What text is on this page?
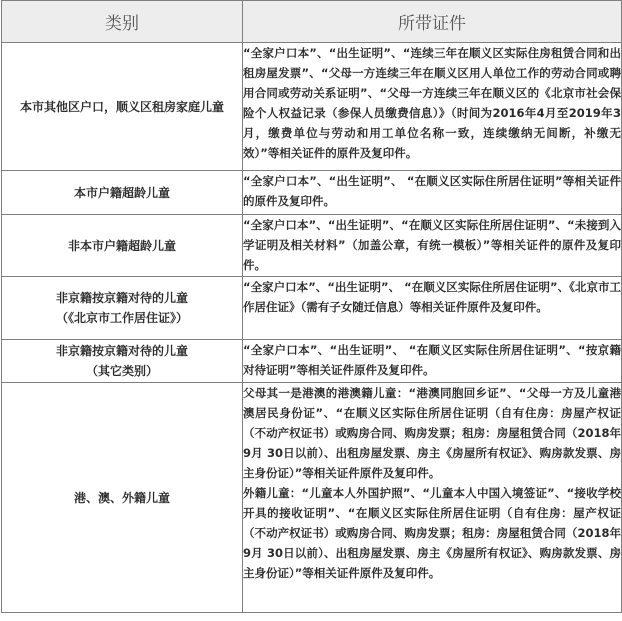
类别	所带证件

本市其他区户口，顺义区租房家庭儿童	“全家户口本”、“出生证明”、“连续三年在顺义区实际住房租赁合同和出租房屋发票”、“父母一方连续三年在顺义区用人单位工作的劳动合同或聘用合同或劳动关系证明”、“父母一方连续三年在顺义区的《北京市社会保险个人权益记录（参保人员缴费信息）》（时间为2016年4月至2019年3月，缴费单位与劳动和用工单位名称一致，连续缴纳无间断，补缴无效）”等相关证件的原件及复印件。

本市户籍超龄儿童	“全家户口本”、“出生证明”、 “在顺义区实际住所居住证明”等相关证件的原件及复印件。

非本市户籍超龄儿童	“全家户口本”、“出生证明”、“在顺义区实际住所居住证明”、“未接到入学证明及相关材料”（加盖公章，有统一模板）”等相关证件的原件及复印件。

非京籍按京籍对待的儿童
（《北京市工作居住证》）	“全家户口本”、“出生证明”、 “在顺义区实际住所居住证明”、《北京市工作居住证》（需有子女随迁信息）等相关证件原件及复印件。

非京籍按京籍对待的儿童
（其它类别）	“全家户口本”、“出生证明”、 “在顺义区实际住所居住证明”、“按京籍对待证明”等相关证件原件及复印件。

港、澳、外籍儿童	父母其一是港澳的港澳籍儿童：“港澳同胞回乡证”、“父母一方及儿童港澳居民身份证”、“在顺义区实际住所居住证明（自有住房：房屋产权证（不动产权证书）或购房合同、购房发票；租房：房屋租赁合同（2018年 9月 30日以前）、出租房屋发票、房主《房屋所有权证》、购房款发票、房主身份证）”等相关证件原件及复印件。
外籍儿童：“儿童本人外国护照”、“儿童本人中国入境签证”、“接收学校开具的接收证明”、“在顺义区实际住所居住证明（自有住房：屋产权证（不动产权证书）或购房合同、购房发票；租房：房屋租赁合同（2018年 9月 30日以前）、出租房屋发票、房主《房屋所有权证》、购房款发票、房主身份证）”等相关证件原件及复印件。
